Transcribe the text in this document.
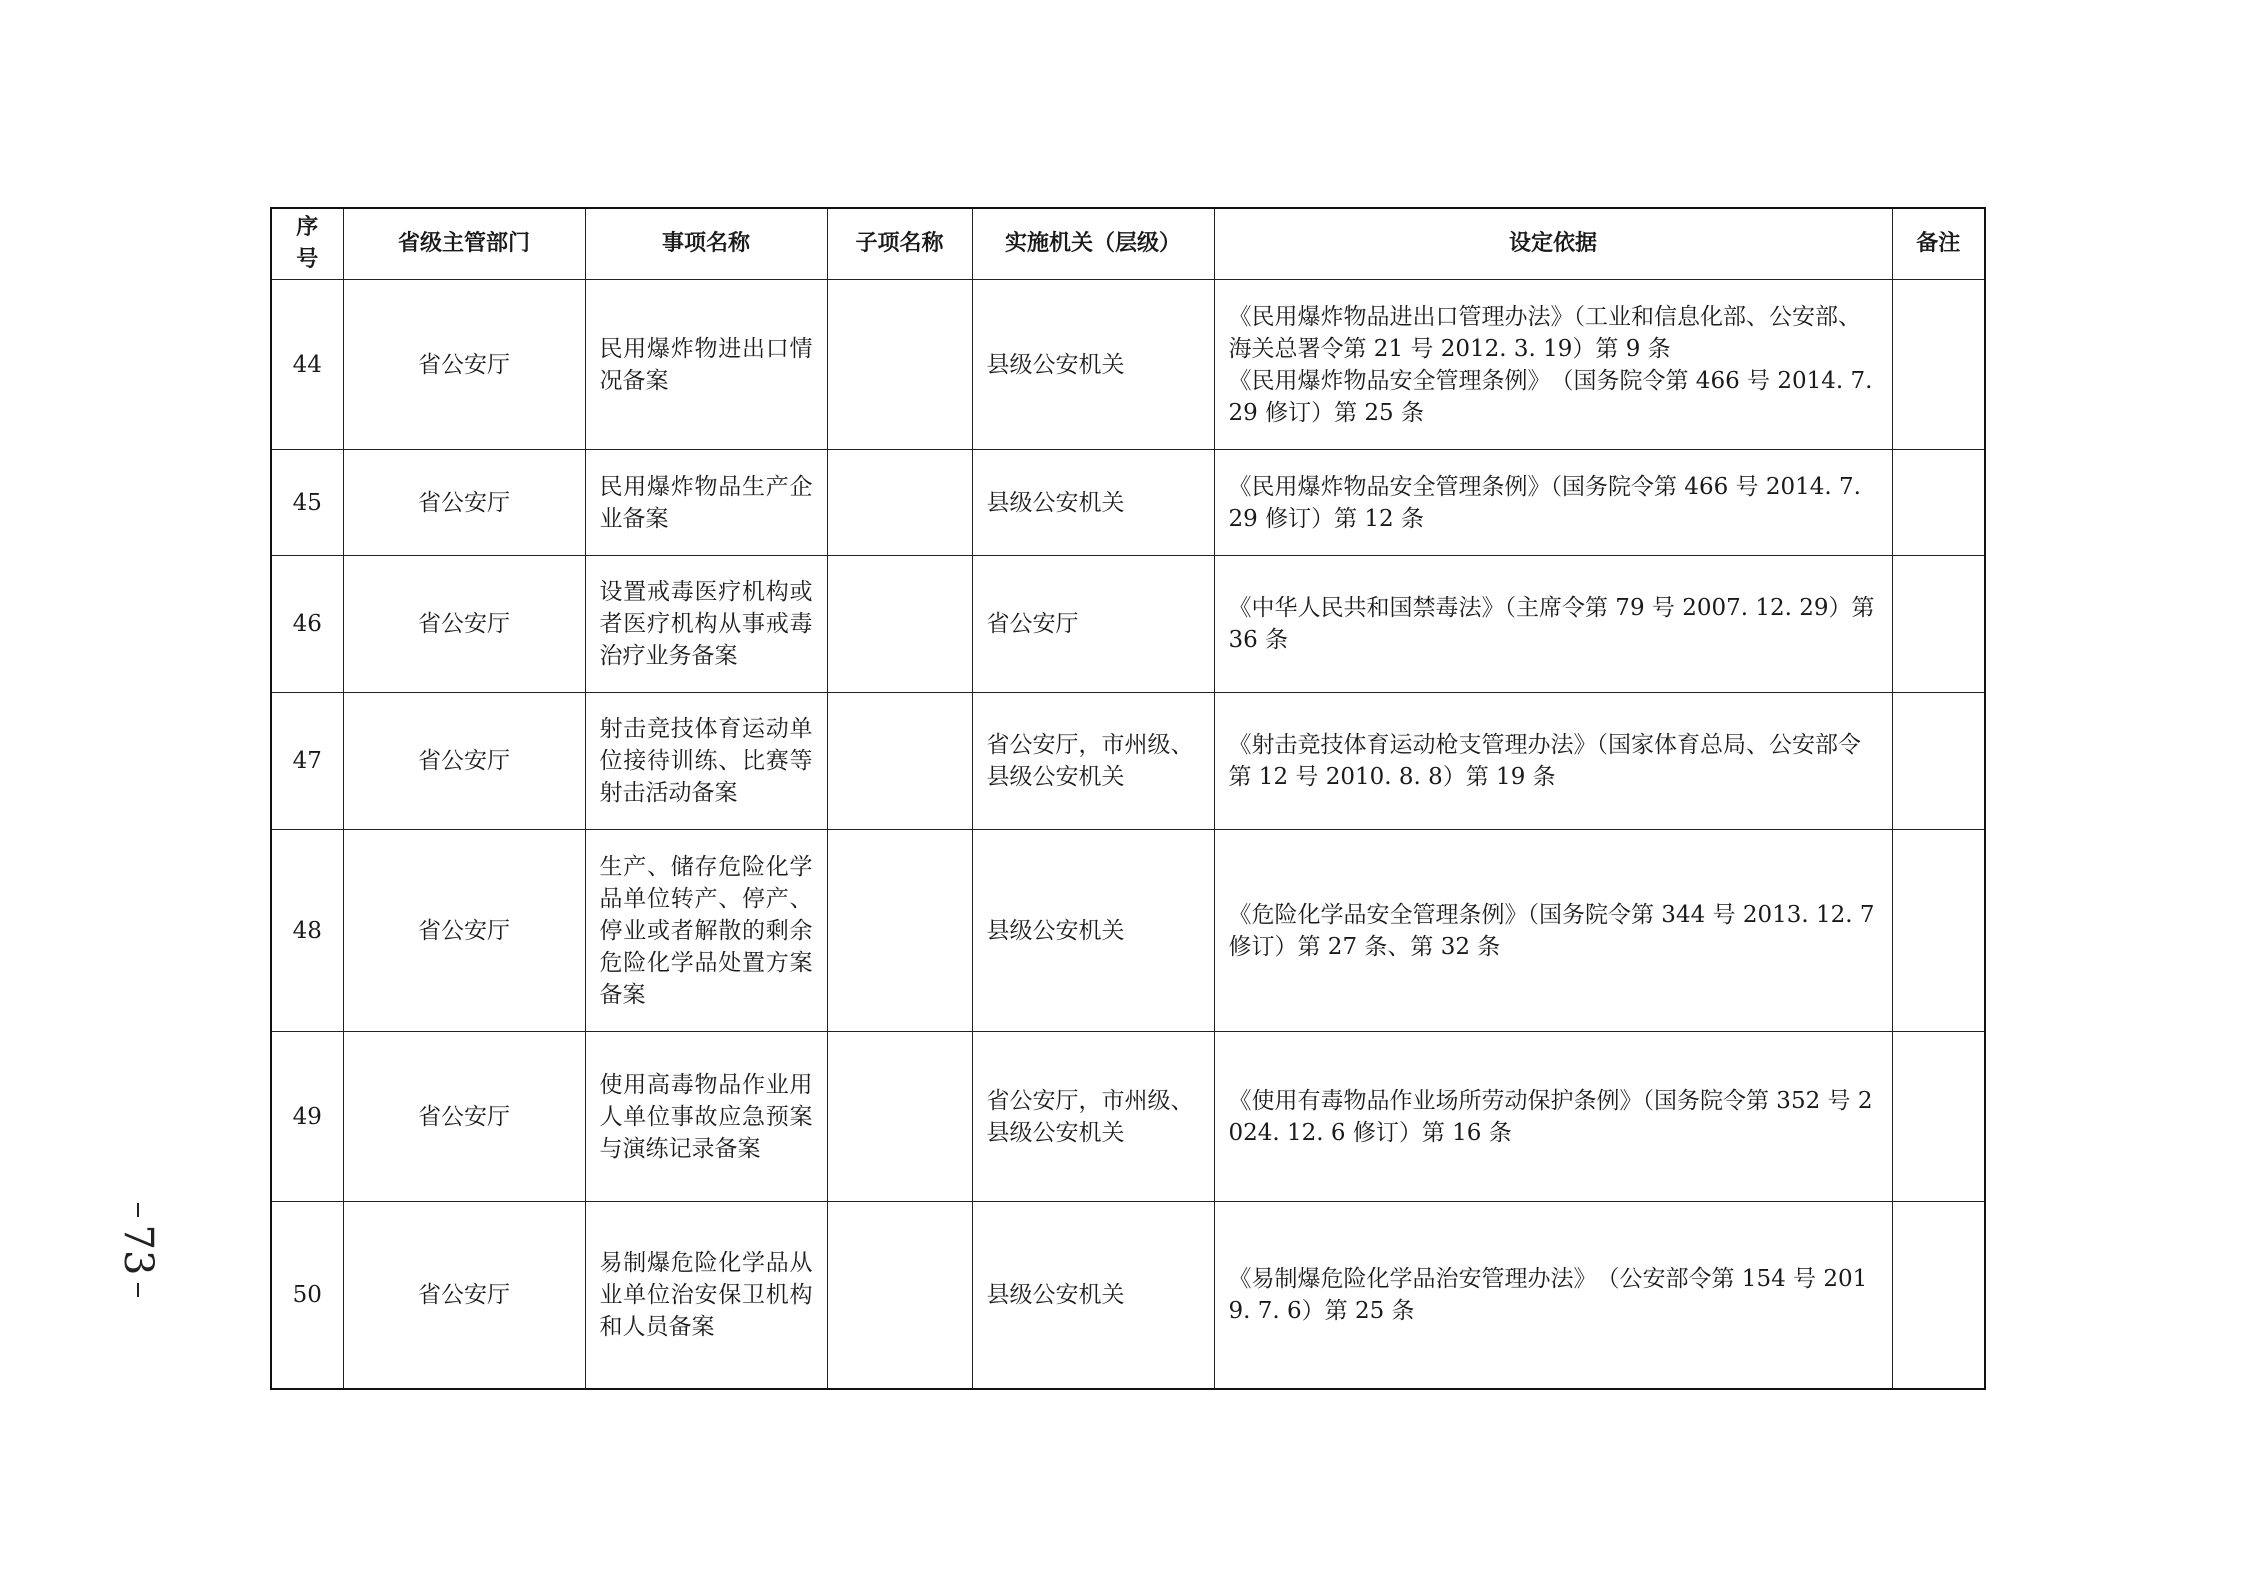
73
序号	省级主管部门	事项名称	子项名称	实施机关（层级）	设定依据	备注
44	省公安厅	民用爆炸物进出口情况备案		县级公安机关	《民用爆炸物品进出口管理办法》（工业和信息化部、公安部、海关总署令第 21 号 2012. 3. 19）第 9 条
《民用爆炸物品安全管理条例》　（国务院令第 466 号 2014. 7. 29 修订）第 25 条	

45	省公安厅	民用爆炸物品生产企业备案		县级公安机关	《民用爆炸物品安全管理条例》（国务院令第 466 号 2014. 7. 29 修订）第 12 条	

46	省公安厅	设置戒毒医疗机构或者医疗机构从事戒毒治疗业务备案		省公安厅	《中华人民共和国禁毒法》（主席令第 79 号 2007. 12. 29）第 36 条	

47	省公安厅	射击竞技体育运动单位接待训练、比赛等射击活动备案		省公安厅，市州级、县级公安机关	《射击竞技体育运动枪支管理办法》（国家体育总局、公安部令第 12 号 2010. 8. 8）第 19 条	

48	省公安厅	生产、储存危险化学品单位转产、停产、停业或者解散的剩余危险化学品处置方案备案		县级公安机关	《危险化学品安全管理条例》（国务院令第 344 号 2013. 12. 7 修订）第 27 条、第 32 条	

49	省公安厅	使用高毒物品作业用人单位事故应急预案与演练记录备案		省公安厅，市州级、县级公安机关	《使用有毒物品作业场所劳动保护条例》（国务院令第 352 号 2024. 12. 6 修订）第 16 条	

50	省公安厅	易制爆危险化学品从业单位治安保卫机构和人员备案		县级公安机关	《易制爆危险化学品治安管理办法》　（公安部令第 154 号 2019. 7. 6）第 25 条	
